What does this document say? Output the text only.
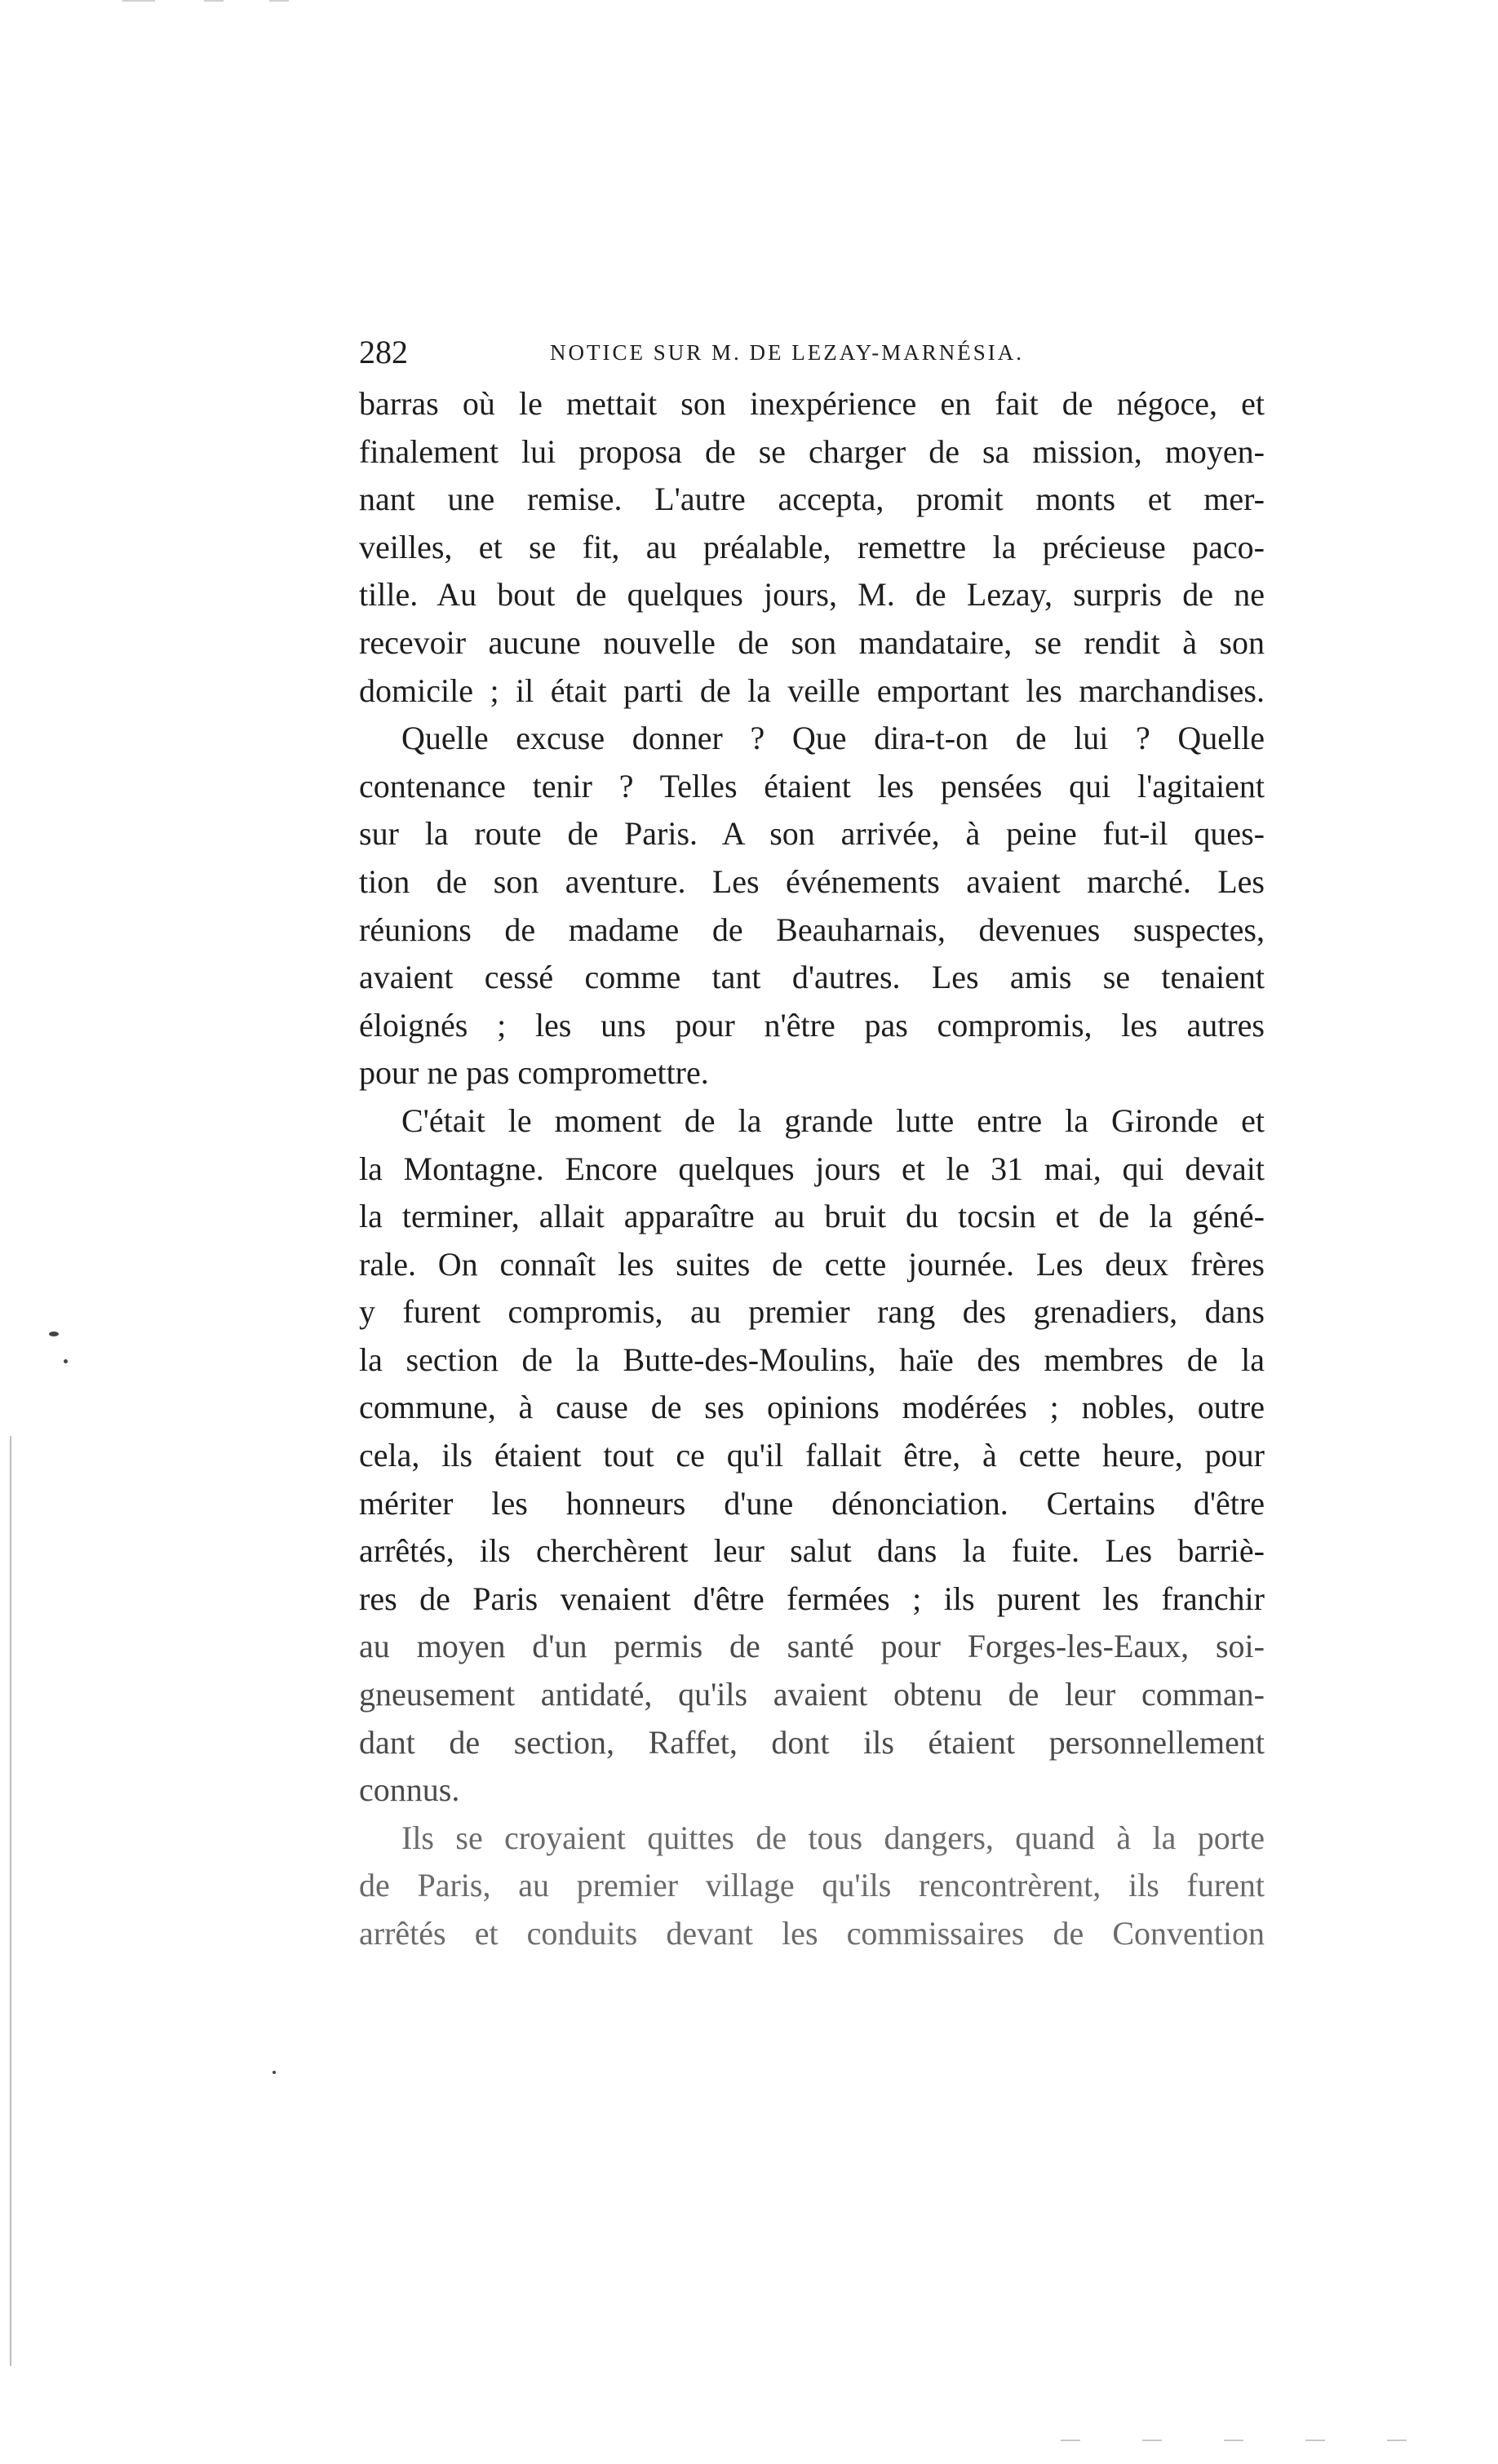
282	NOTICE SUR M. DE LEZAY-MARNÉSIA.
barras où le mettait son inexpérience en fait de négoce, et
finalement lui proposa de se charger de sa mission, moyen-
nant une remise. L'autre accepta, promit monts et mer-
veilles, et se fit, au préalable, remettre la précieuse paco-
tille. Au bout de quelques jours, M. de Lezay, surpris de ne
recevoir aucune nouvelle de son mandataire, se rendit à son
domicile ; il était parti de la veille emportant les marchandises.
Quelle excuse donner ? Que dira-t-on de lui ? Quelle
contenance tenir ? Telles étaient les pensées qui l'agitaient
sur la route de Paris. A son arrivée, à peine fut-il ques-
tion de son aventure. Les événements avaient marché. Les
réunions de madame de Beauharnais, devenues suspectes,
avaient cessé comme tant d'autres. Les amis se tenaient
éloignés ; les uns pour n'être pas compromis, les autres
pour ne pas compromettre.
C'était le moment de la grande lutte entre la Gironde et
la Montagne. Encore quelques jours et le 31 mai, qui devait
la terminer, allait apparaître au bruit du tocsin et de la géné-
rale. On connaît les suites de cette journée. Les deux frères
y furent compromis, au premier rang des grenadiers, dans
la section de la Butte-des-Moulins, haïe des membres de la
commune, à cause de ses opinions modérées ; nobles, outre
cela, ils étaient tout ce qu'il fallait être, à cette heure, pour
mériter les honneurs d'une dénonciation. Certains d'être
arrêtés, ils cherchèrent leur salut dans la fuite. Les barriè-
res de Paris venaient d'être fermées ; ils purent les franchir
au moyen d'un permis de santé pour Forges-les-Eaux, soi-
gneusement antidaté, qu'ils avaient obtenu de leur comman-
dant de section, Raffet, dont ils étaient personnellement
connus.
Ils se croyaient quittes de tous dangers, quand à la porte
de Paris, au premier village qu'ils rencontrèrent, ils furent
arrêtés et conduits devant les commissaires de Convention
